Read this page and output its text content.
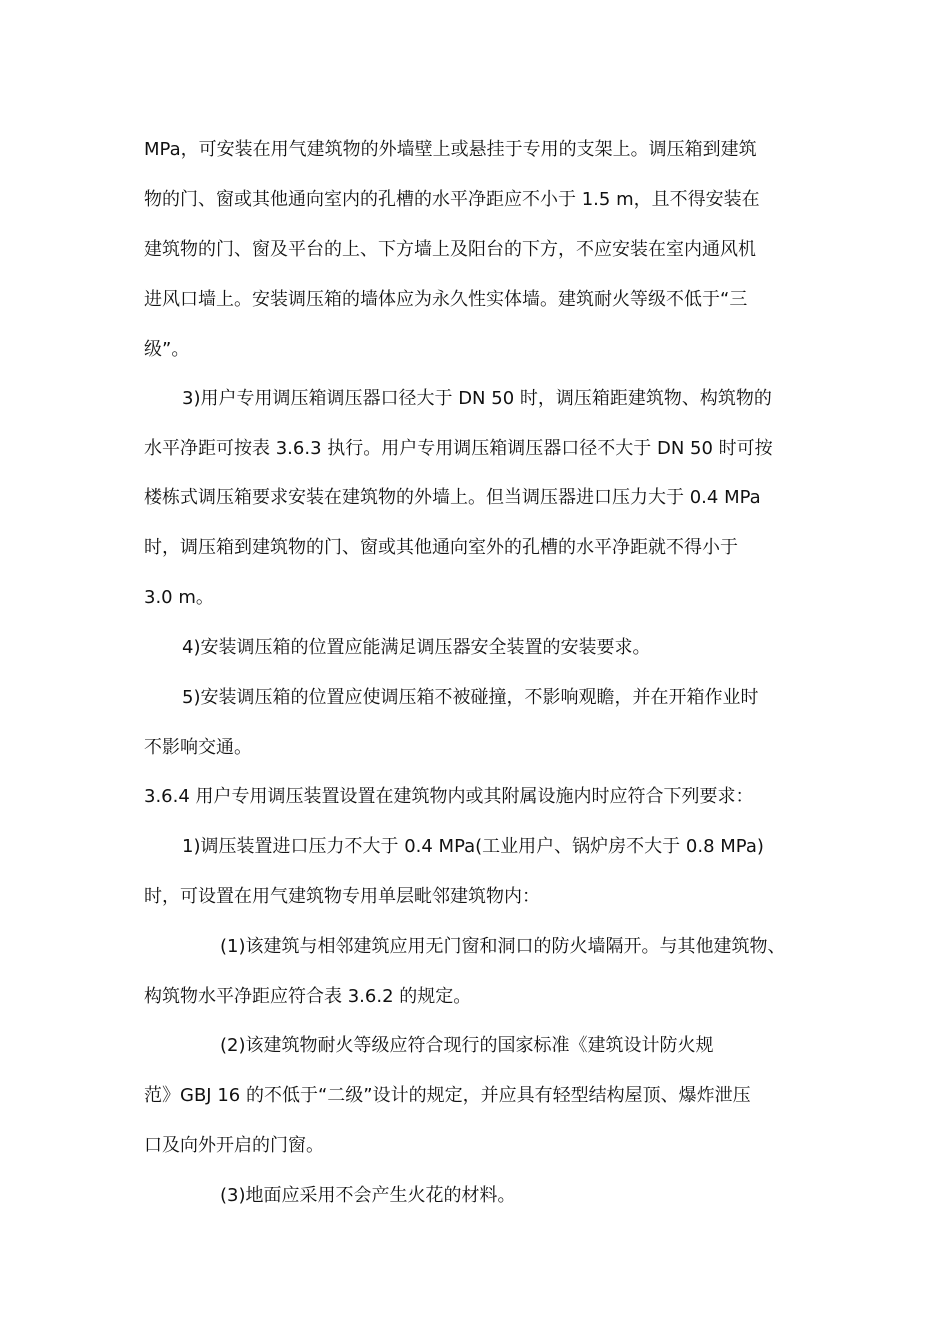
MPa，可安装在用气建筑物的外墙壁上或悬挂于专用的支架上。调压箱到建筑
物的门、窗或其他通向室内的孔槽的水平净距应不小于 1.5 m，且不得安装在
建筑物的门、窗及平台的上、下方墙上及阳台的下方，不应安装在室内通风机
进风口墙上。安装调压箱的墙体应为永久性实体墙。建筑耐火等级不低于“三
级”。
3)用户专用调压箱调压器口径大于 DN 50 时，调压箱距建筑物、构筑物的
水平净距可按表 3.6.3 执行。用户专用调压箱调压器口径不大于 DN 50 时可按
楼栋式调压箱要求安装在建筑物的外墙上。但当调压器进口压力大于 0.4 MPa
时，调压箱到建筑物的门、窗或其他通向室外的孔槽的水平净距就不得小于
3.0 m。
4)安装调压箱的位置应能满足调压器安全装置的安装要求。
5)安装调压箱的位置应使调压箱不被碰撞，不影响观瞻，并在开箱作业时
不影响交通。
3.6.4 用户专用调压装置设置在建筑物内或其附属设施内时应符合下列要求：
1)调压装置进口压力不大于 0.4 MPa(工业用户、锅炉房不大于 0.8 MPa)
时，可设置在用气建筑物专用单层毗邻建筑物内：
(1)该建筑与相邻建筑应用无门窗和洞口的防火墙隔开。与其他建筑物、
构筑物水平净距应符合表 3.6.2 的规定。
(2)该建筑物耐火等级应符合现行的国家标准《建筑设计防火规
范》GBJ 16 的不低于“二级”设计的规定，并应具有轻型结构屋顶、爆炸泄压
口及向外开启的门窗。
(3)地面应采用不会产生火花的材料。
